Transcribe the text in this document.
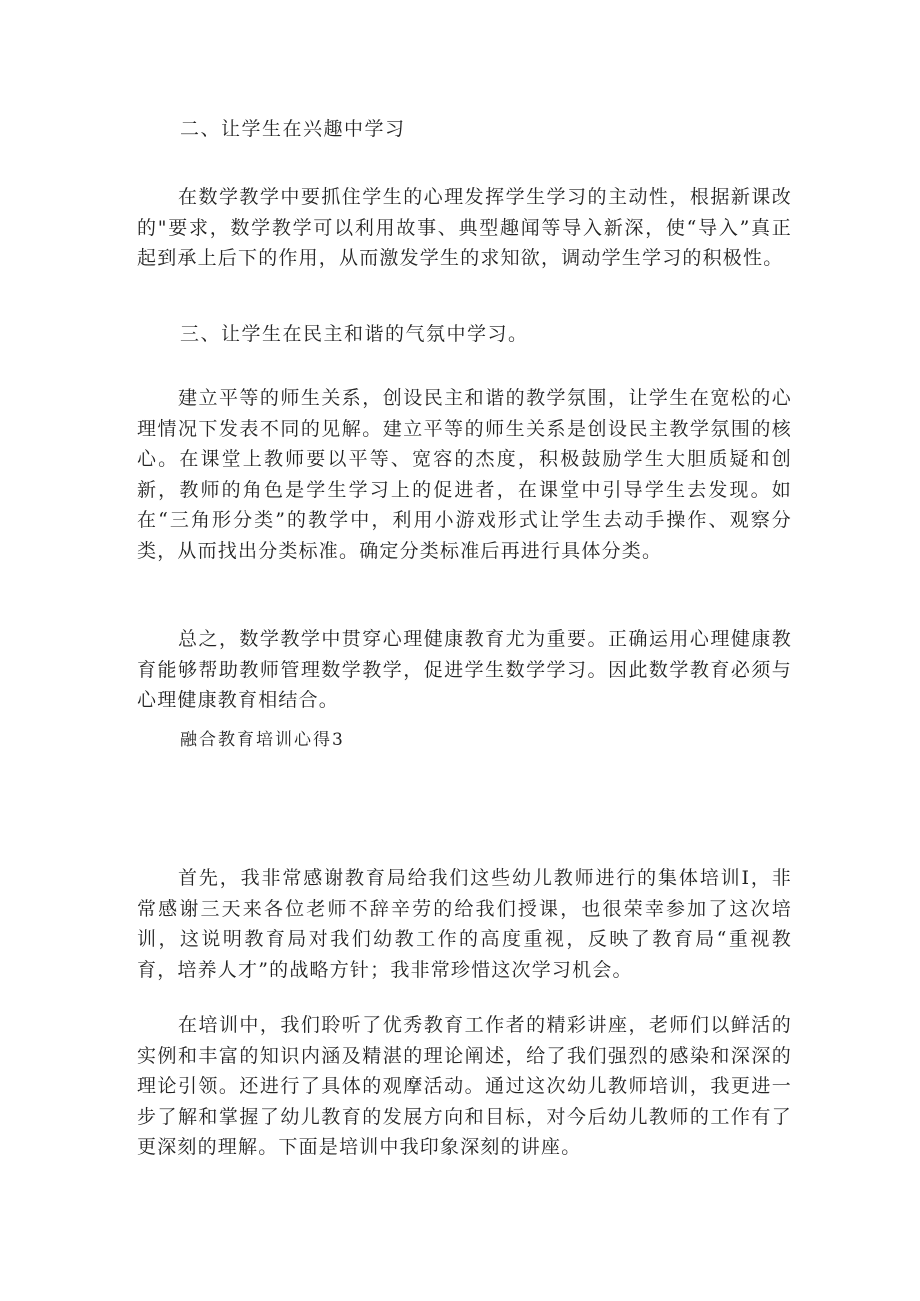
二、让学生在兴趣中学习
在数学教学中要抓住学生的心理发挥学生学习的主动性，根据新课改的"要求，数学教学可以利用故事、典型趣闻等导入新深，使“导入”真正起到承上后下的作用，从而激发学生的求知欲，调动学生学习的积极性。
三、让学生在民主和谐的气氛中学习。
建立平等的师生关系，创设民主和谐的教学氛围，让学生在宽松的心理情况下发表不同的见解。建立平等的师生关系是创设民主教学氛围的核心。在课堂上教师要以平等、宽容的杰度，积极鼓励学生大胆质疑和创新，教师的角色是学生学习上的促进者，在课堂中引导学生去发现。如在“三角形分类”的教学中，利用小游戏形式让学生去动手操作、观察分类，从而找出分类标准。确定分类标准后再进行具体分类。
总之，数学教学中贯穿心理健康教育尤为重要。正确运用心理健康教育能够帮助教师管理数学教学，促进学生数学学习。因此数学教育必须与心理健康教育相结合。
融合教育培训心得3
首先，我非常感谢教育局给我们这些幼儿教师进行的集体培训I，非常感谢三天来各位老师不辞辛劳的给我们授课，也很荣幸参加了这次培训，这说明教育局对我们幼教工作的高度重视，反映了教育局“重视教育，培养人才”的战略方针；我非常珍惜这次学习机会。
在培训中，我们聆听了优秀教育工作者的精彩讲座，老师们以鲜活的实例和丰富的知识内涵及精湛的理论阐述，给了我们强烈的感染和深深的理论引领。还进行了具体的观摩活动。通过这次幼儿教师培训，我更进一步了解和掌握了幼儿教育的发展方向和目标，对今后幼儿教师的工作有了更深刻的理解。下面是培训中我印象深刻的讲座。
